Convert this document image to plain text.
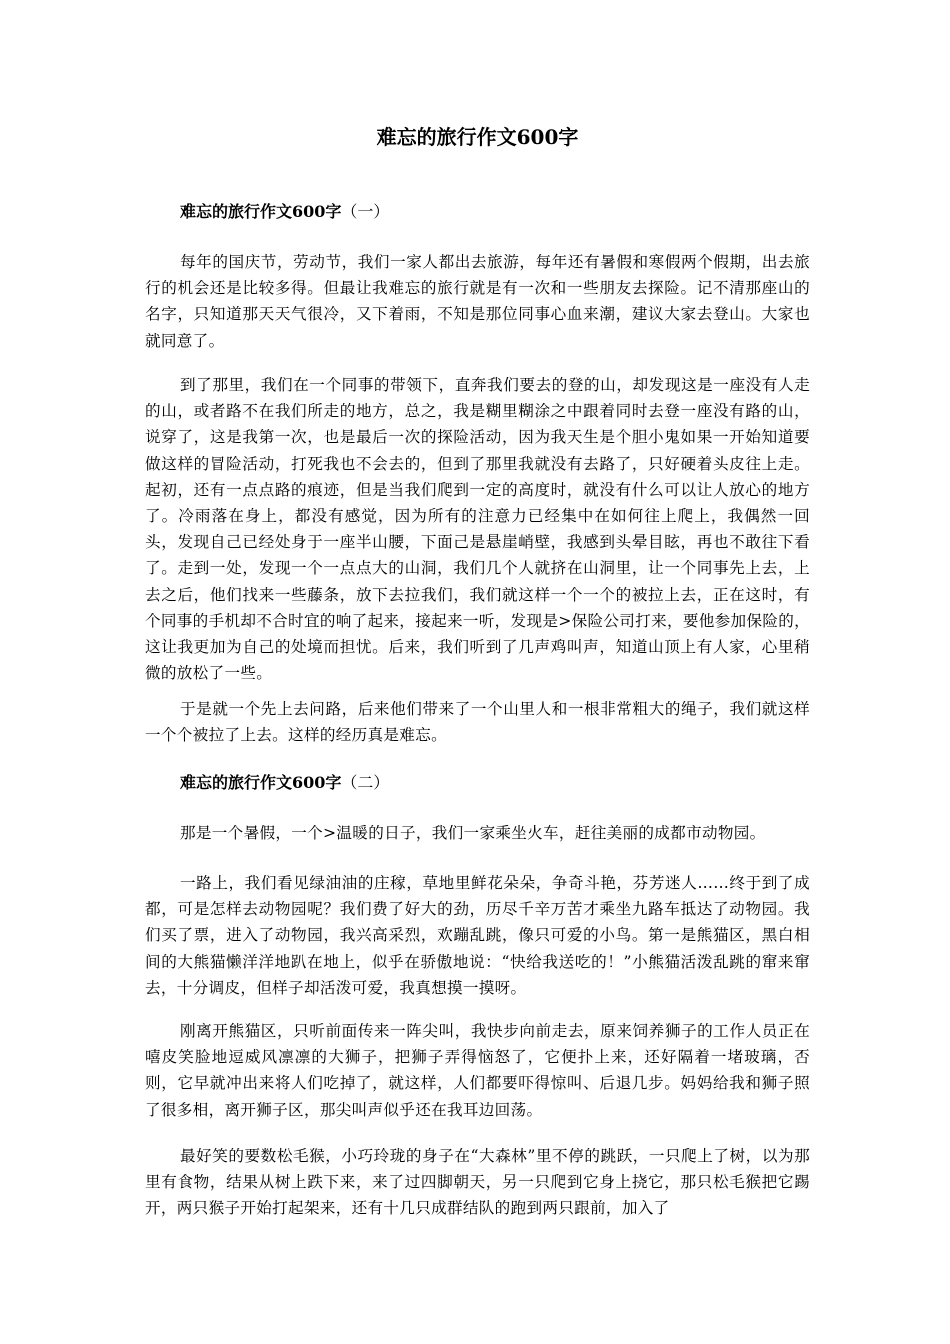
难忘的旅行作文600字
难忘的旅行作文600字（一）

每年的国庆节，劳动节，我们一家人都出去旅游，每年还有暑假和寒假两个假期，出去旅行的机会还是比较多得。但最让我难忘的旅行就是有一次和一些朋友去探险。记不清那座山的名字，只知道那天天气很冷，又下着雨，不知是那位同事心血来潮，建议大家去登山。大家也就同意了。

到了那里，我们在一个同事的带领下，直奔我们要去的登的山，却发现这是一座没有人走的山，或者路不在我们所走的地方，总之，我是糊里糊涂之中跟着同时去登一座没有路的山，说穿了，这是我第一次，也是最后一次的探险活动，因为我天生是个胆小鬼如果一开始知道要做这样的冒险活动，打死我也不会去的，但到了那里我就没有去路了，只好硬着头皮往上走。起初，还有一点点路的痕迹，但是当我们爬到一定的高度时，就没有什么可以让人放心的地方了。冷雨落在身上，都没有感觉，因为所有的注意力已经集中在如何往上爬上，我偶然一回头，发现自己已经处身于一座半山腰，下面己是悬崖峭壁，我感到头晕目眩，再也不敢往下看了。走到一处，发现一个一点点大的山洞，我们几个人就挤在山洞里，让一个同事先上去，上去之后，他们找来一些藤条，放下去拉我们，我们就这样一个一个的被拉上去，正在这时，有个同事的手机却不合时宜的响了起来，接起来一听，发现是>保险公司打来，要他参加保险的，这让我更加为自己的处境而担忧。后来，我们听到了几声鸡叫声，知道山顶上有人家，心里稍微的放松了一些。

于是就一个先上去问路，后来他们带来了一个山里人和一根非常粗大的绳子，我们就这样一个个被拉了上去。这样的经历真是难忘。

难忘的旅行作文600字（二）

那是一个暑假，一个>温暖的日子，我们一家乘坐火车，赶往美丽的成都市动物园。

一路上，我们看见绿油油的庄稼，草地里鲜花朵朵，争奇斗艳，芬芳迷人……终于到了成都，可是怎样去动物园呢？我们费了好大的劲，历尽千辛万苦才乘坐九路车抵达了动物园。我们买了票，进入了动物园，我兴高采烈，欢蹦乱跳，像只可爱的小鸟。第一是熊猫区，黑白相间的大熊猫懒洋洋地趴在地上，似乎在骄傲地说：“快给我送吃的！”小熊猫活泼乱跳的窜来窜去，十分调皮，但样子却活泼可爱，我真想摸一摸呀。

刚离开熊猫区，只听前面传来一阵尖叫，我快步向前走去，原来饲养狮子的工作人员正在嘻皮笑脸地逗威风凛凛的大狮子，把狮子弄得恼怒了，它便扑上来，还好隔着一堵玻璃，否则，它早就冲出来将人们吃掉了，就这样，人们都要吓得惊叫、后退几步。妈妈给我和狮子照了很多相，离开狮子区，那尖叫声似乎还在我耳边回荡。

最好笑的要数松毛猴，小巧玲珑的身子在“大森林”里不停的跳跃，一只爬上了树，以为那里有食物，结果从树上跌下来，来了过四脚朝天，另一只爬到它身上挠它，那只松毛猴把它踢开，两只猴子开始打起架来，还有十几只成群结队的跑到两只跟前，加入了
